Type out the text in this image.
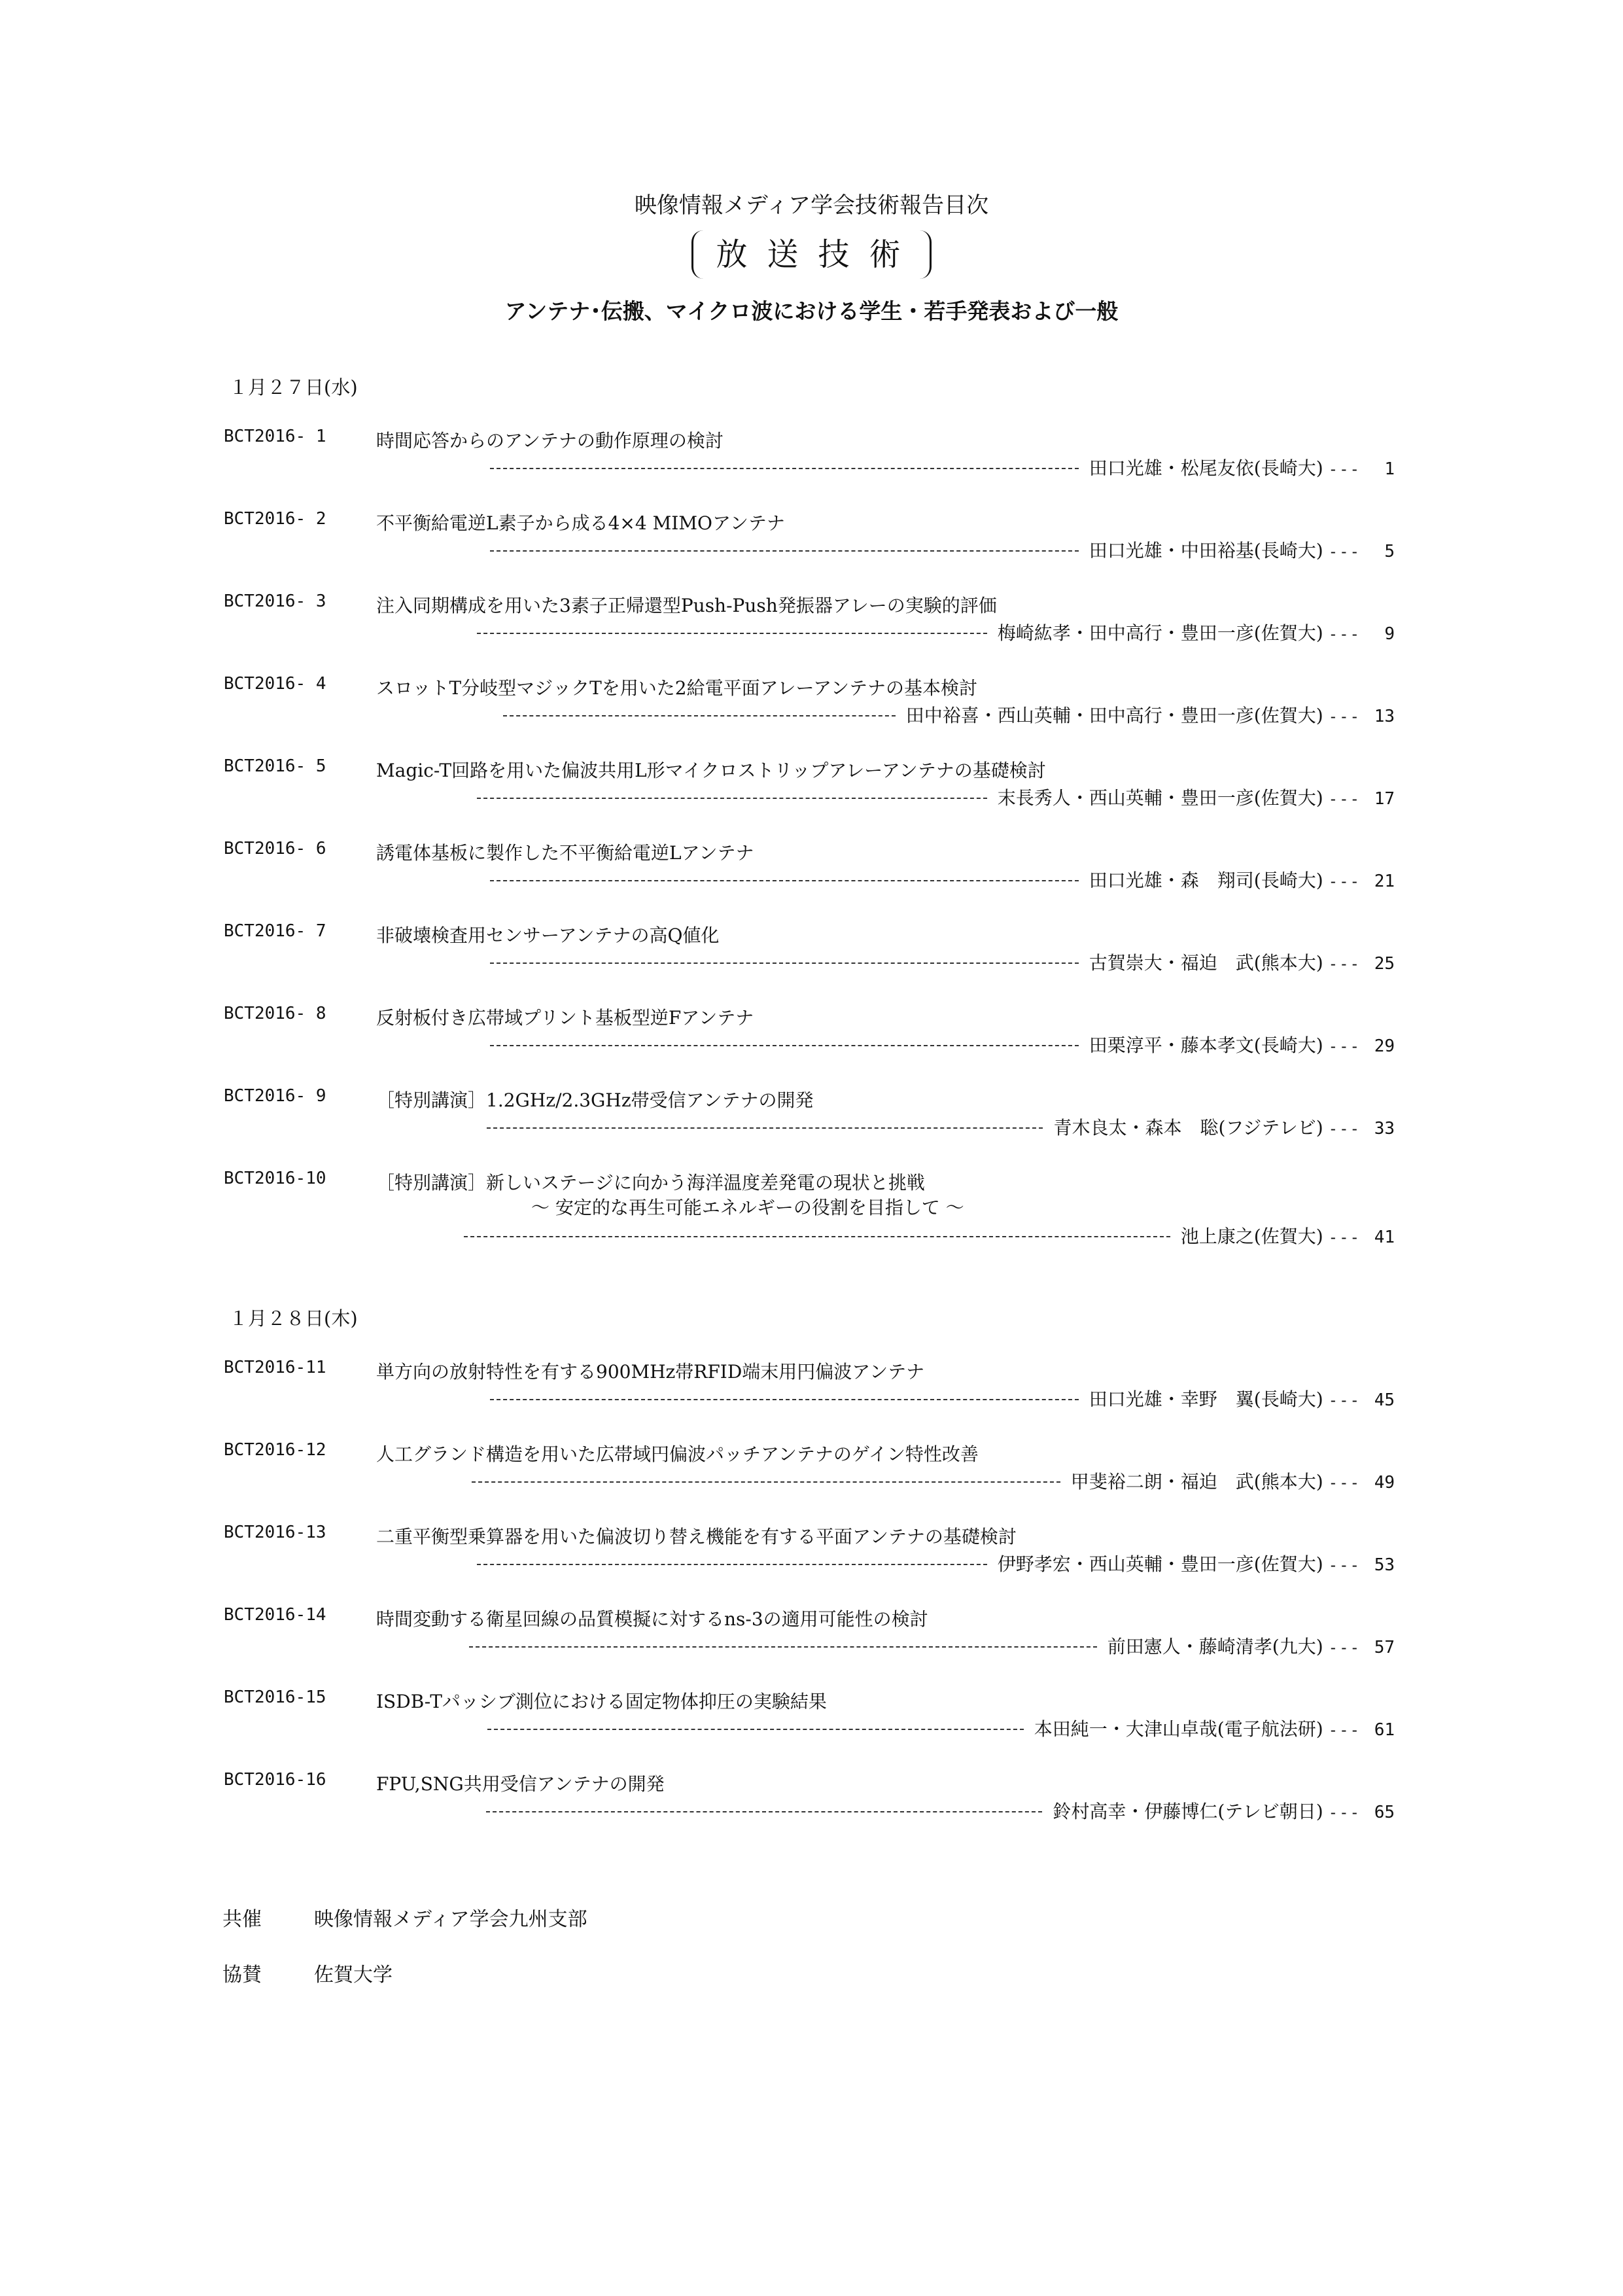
映像情報メディア学会技術報告目次
放送技術
アンテナ･伝搬、マイクロ波における学生・若手発表および一般
１月２７日(水)
BCT2016- 1	時間応答からのアンテナの動作原理の検討
田口光雄・松尾友依(長崎大) ---	1
BCT2016- 2	不平衡給電逆L素子から成る4×4 MIMOアンテナ
田口光雄・中田裕基(長崎大) ---	5
BCT2016- 3	注入同期構成を用いた3素子正帰還型Push-Push発振器アレーの実験的評価
梅崎紘孝・田中高行・豊田一彦(佐賀大) ---	9
BCT2016- 4	スロットT分岐型マジックTを用いた2給電平面アレーアンテナの基本検討
田中裕喜・西山英輔・田中高行・豊田一彦(佐賀大) --- 13
BCT2016- 5	Magic-T回路を用いた偏波共用L形マイクロストリップアレーアンテナの基礎検討
末長秀人・西山英輔・豊田一彦(佐賀大) --- 17
BCT2016- 6	誘電体基板に製作した不平衡給電逆Lアンテナ
田口光雄・森　翔司(長崎大) --- 21
BCT2016- 7	非破壊検査用センサーアンテナの高Q値化
古賀崇大・福迫　武(熊本大) --- 25
BCT2016- 8	反射板付き広帯域プリント基板型逆Fアンテナ
田栗淳平・藤本孝文(長崎大) --- 29
BCT2016- 9	［特別講演］1.2GHz/2.3GHz帯受信アンテナの開発
青木良太・森本　聡(フジテレビ) --- 33
BCT2016-10	［特別講演］新しいステージに向かう海洋温度差発電の現状と挑戦
～ 安定的な再生可能エネルギーの役割を目指して ～
池上康之(佐賀大) --- 41
１月２８日(木)
BCT2016-11	単方向の放射特性を有する900MHz帯RFID端末用円偏波アンテナ
田口光雄・幸野　翼(長崎大) --- 45
BCT2016-12	人工グランド構造を用いた広帯域円偏波パッチアンテナのゲイン特性改善
甲斐裕二朗・福迫　武(熊本大) --- 49
BCT2016-13	二重平衡型乗算器を用いた偏波切り替え機能を有する平面アンテナの基礎検討
伊野孝宏・西山英輔・豊田一彦(佐賀大) --- 53
BCT2016-14	時間変動する衛星回線の品質模擬に対するns-3の適用可能性の検討
前田憲人・藤崎清孝(九大) --- 57
BCT2016-15	ISDB-Tパッシブ測位における固定物体抑圧の実験結果
本田純一・大津山卓哉(電子航法研) --- 61
BCT2016-16	FPU,SNG共用受信アンテナの開発
鈴村高幸・伊藤博仁(テレビ朝日) --- 65
共催	映像情報メディア学会九州支部
協賛	佐賀大学
